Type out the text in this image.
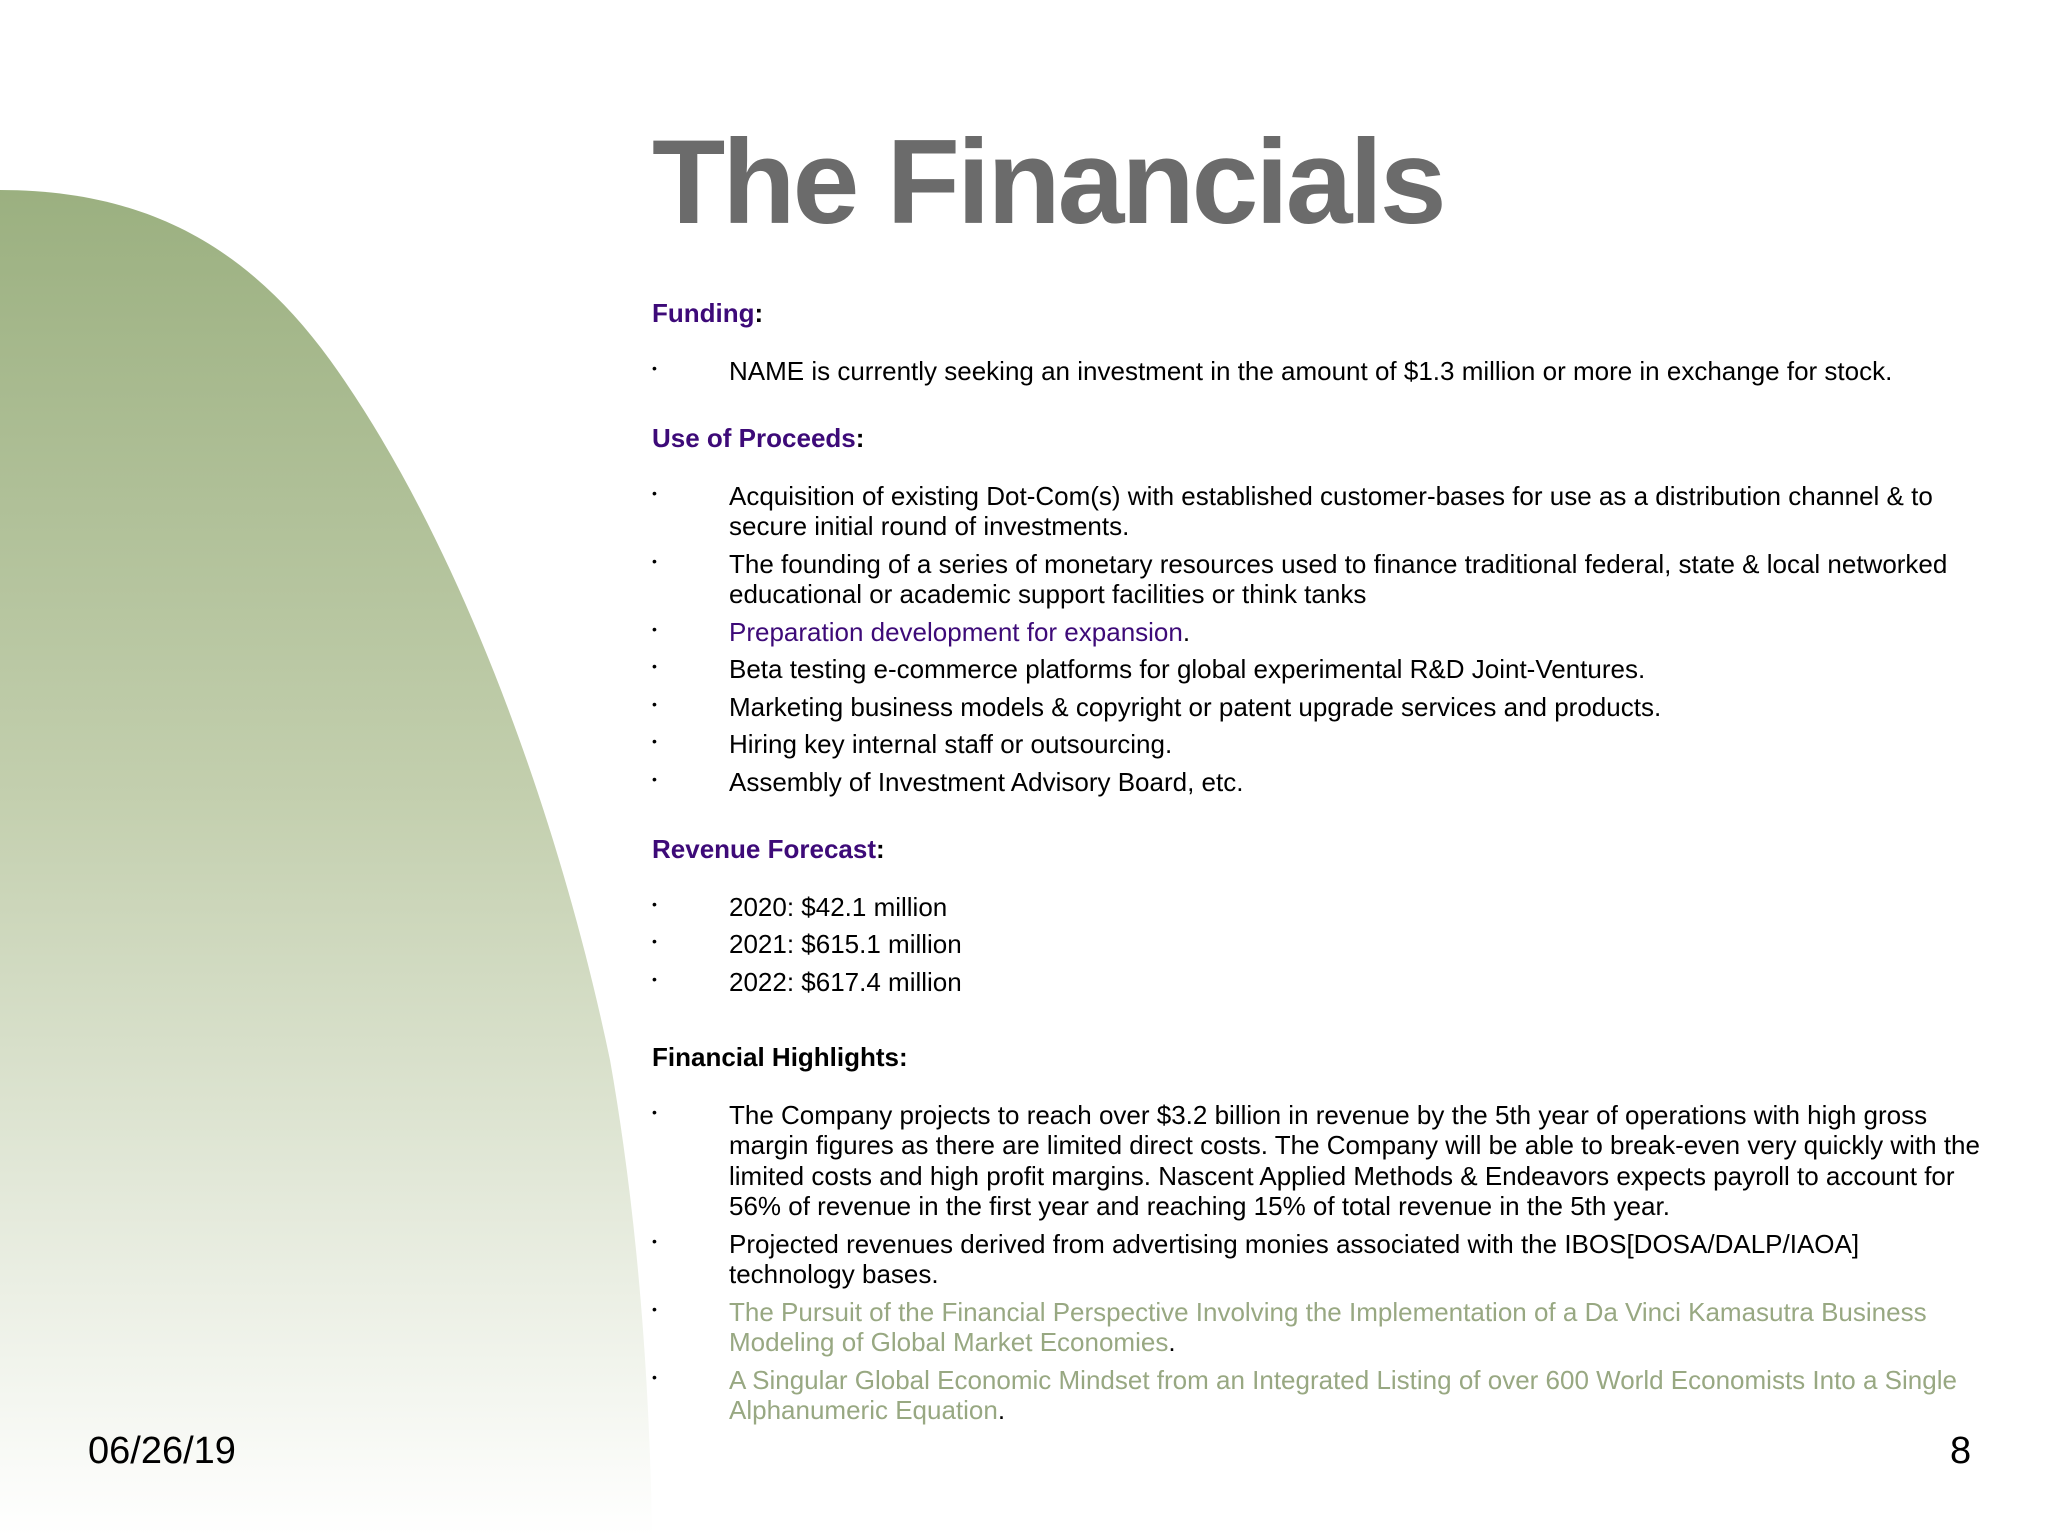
The Financials
Funding:
•	NAME is currently seeking an investment in the amount of $1.3 million or more in exchange for stock.
Use of Proceeds:
•	Acquisition of existing Dot-Com(s) with established customer-bases for use as a distribution channel & to secure initial round of investments.
•	The founding of a series of monetary resources used to finance traditional federal, state & local networked educational or academic support facilities or think tanks
•	Preparation development for expansion.
•	Beta testing e-commerce platforms for global experimental R&D Joint-Ventures.
•	Marketing business models & copyright or patent upgrade services and products.
•	Hiring key internal staff or outsourcing.
•	Assembly of Investment Advisory Board, etc.
Revenue Forecast:
•	2020: $42.1 million
•	2021: $615.1 million
•	2022: $617.4 million
Financial Highlights:
•	The Company projects to reach over $3.2 billion in revenue by the 5th year of operations with high gross margin figures as there are limited direct costs. The Company will be able to break-even very quickly with the limited costs and high profit margins. Nascent Applied Methods & Endeavors expects payroll to account for 56% of revenue in the first year and reaching 15% of total revenue in the 5th year.
•	Projected revenues derived from advertising monies associated with the IBOS[DOSA/DALP/IAOA] technology bases.
•	The Pursuit of the Financial Perspective Involving the Implementation of a Da Vinci Kamasutra Business Modeling of Global Market Economies.
•	A Singular Global Economic Mindset from an Integrated Listing of over 600 World Economists Into a Single Alphanumeric Equation.
06/26/19	8
